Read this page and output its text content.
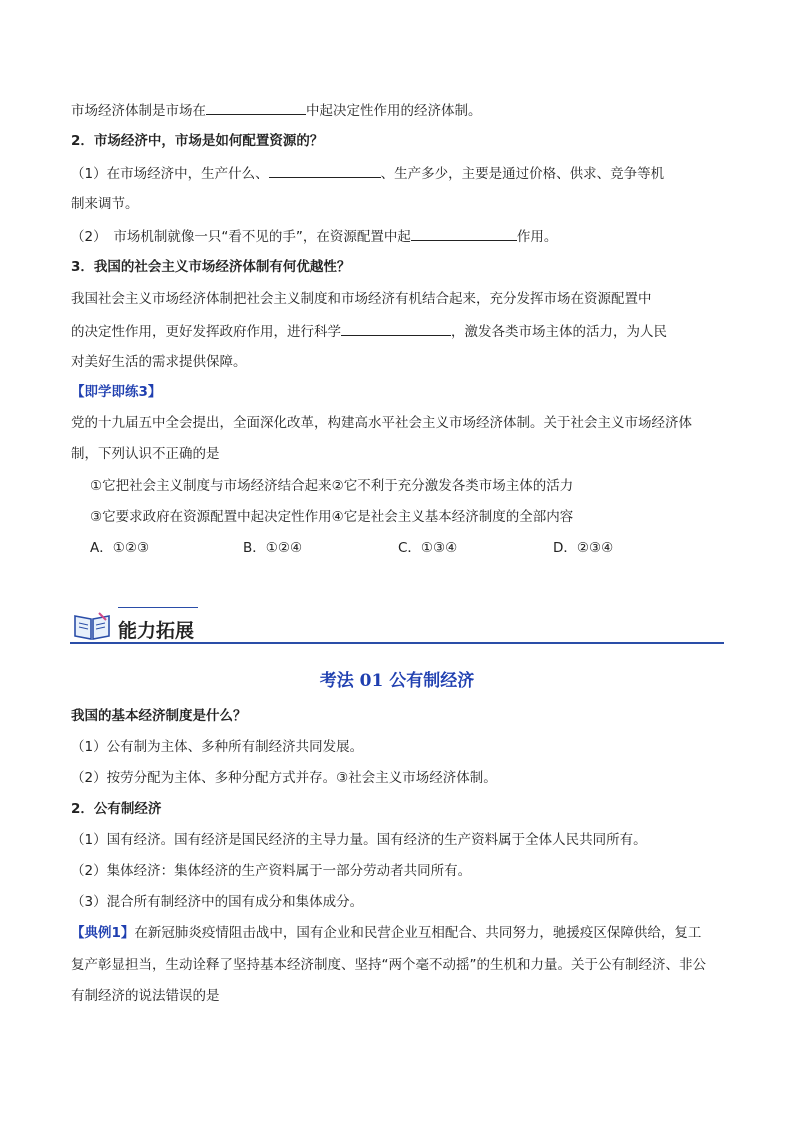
市场经济体制是市场在	中起决定性作用的经济体制。
2．市场经济中，市场是如何配置资源的？
（1）在市场经济中，生产什么、	、生产多少，主要是通过价格、供求、竞争等机
制来调节。
（2）　市场机制就像一只“看不见的手”，在资源配置中起	作用。
3．我国的社会主义市场经济体制有何优越性？
我国社会主义市场经济体制把社会主义制度和市场经济有机结合起来，充分发挥市场在资源配置中
的决定性作用，更好发挥政府作用，进行科学	，激发各类市场主体的活力，为人民
对美好生活的需求提供保障。
【即学即练3】
党的十九届五中全会提出，全面深化改革，构建高水平社会主义市场经济体制。关于社会主义市场经济体
制，下列认识不正确的是
①它把社会主义制度与市场经济结合起来②它不利于充分激发各类市场主体的活力
③它要求政府在资源配置中起决定性作用④它是社会主义基本经济制度的全部内容
A．①②③	B．①②④	C．①③④	D．②③④
能力拓展
考法 01 公有制经济
我国的基本经济制度是什么？
（1）公有制为主体、多种所有制经济共同发展。
（2）按劳分配为主体、多种分配方式并存。③社会主义市场经济体制。
2．公有制经济
（1）国有经济。国有经济是国民经济的主导力量。国有经济的生产资料属于全体人民共同所有。
（2）集体经济：集体经济的生产资料属于一部分劳动者共同所有。
（3）混合所有制经济中的国有成分和集体成分。
【典例1】在新冠肺炎疫情阻击战中，国有企业和民营企业互相配合、共同努力，驰援疫区保障供给，复工
复产彰显担当，生动诠释了坚持基本经济制度、坚持“两个毫不动摇”的生机和力量。关于公有制经济、非公
有制经济的说法错误的是
